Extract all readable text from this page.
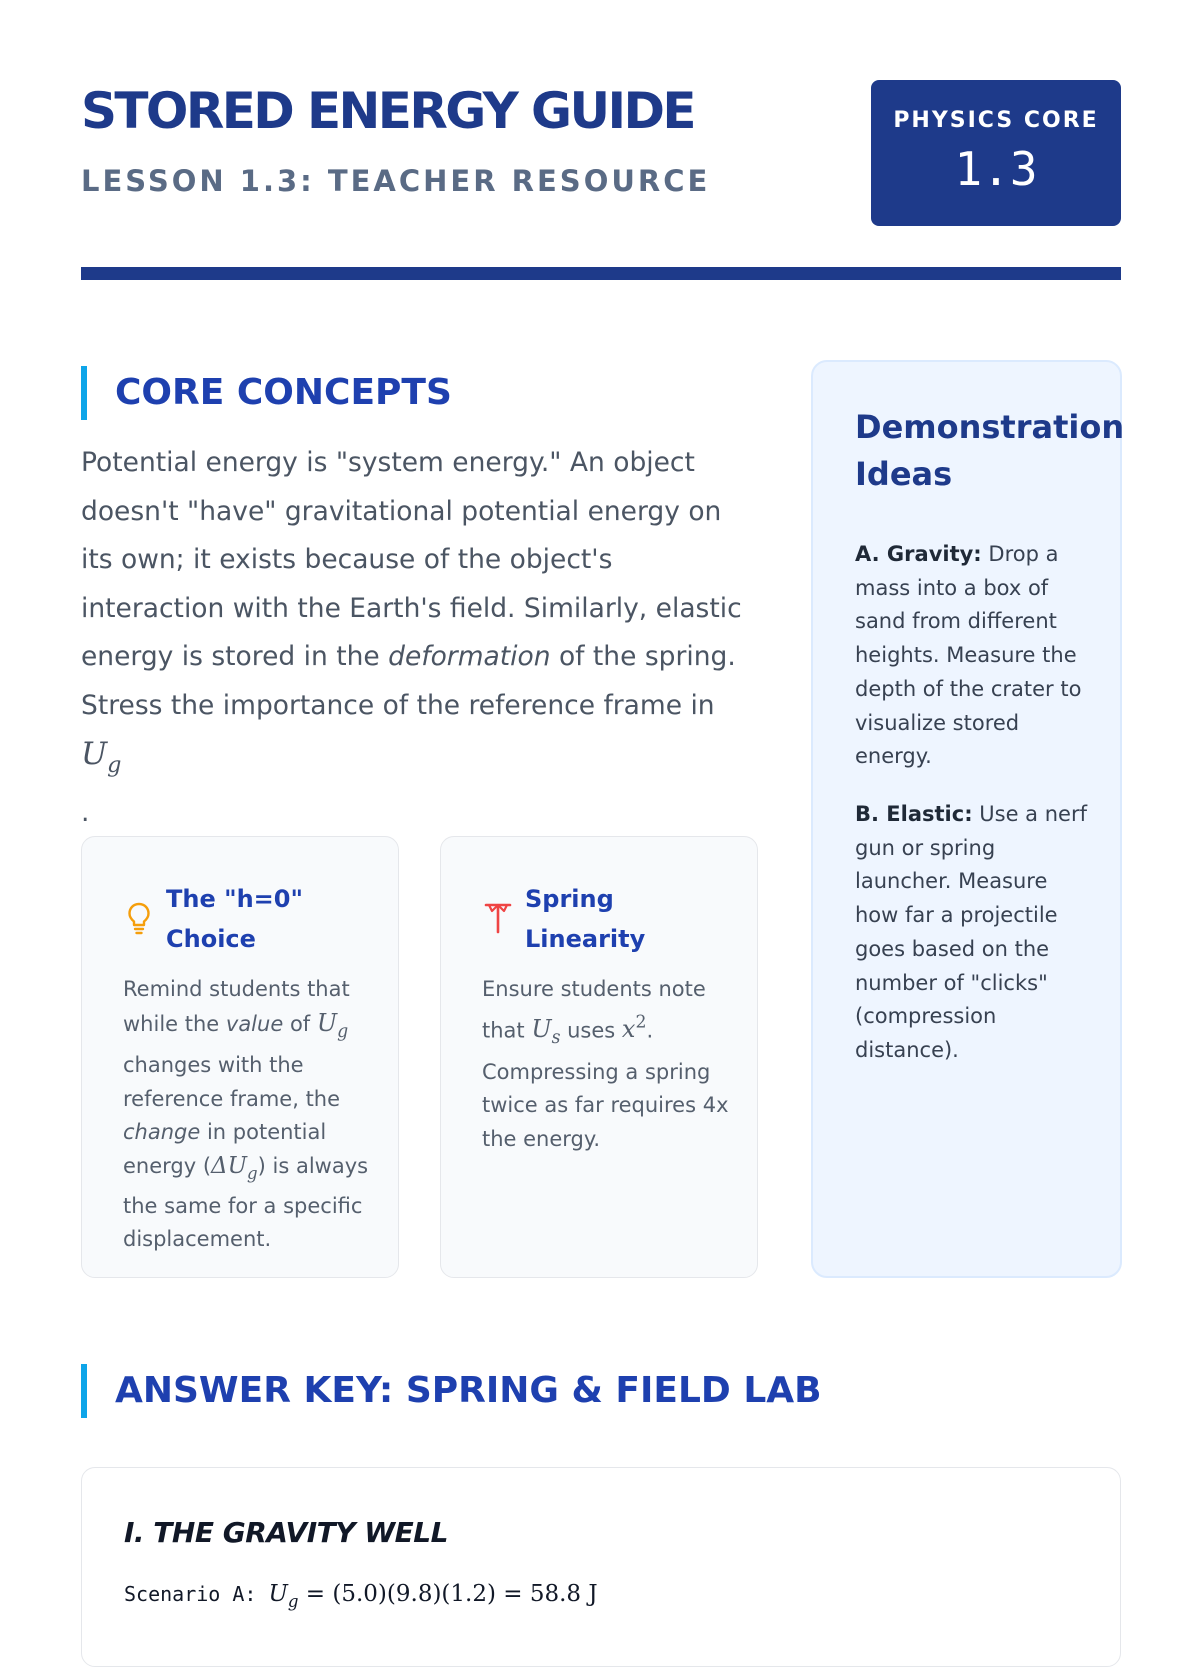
STORED ENERGY GUIDE
LESSON 1.3: TEACHER RESOURCE
PHYSICS CORE
1.3
CORE CONCEPTS
Potential energy is "system energy." An object doesn't "have" gravitational potential energy on its own; it exists because of the object's interaction with the Earth's field. Similarly, elastic energy is stored in the deformation of the spring. Stress the importance of the reference frame in $U_g$
.
The "h=0" Choice
Remind students that while the value of $U_g$ changes with the reference frame, the change in potential energy $(\Delta U_g)$ is always the same for a specific displacement.
Spring Linearity
Ensure students note that $U_s$ uses $x^2$. Compressing a spring twice as far requires 4x the energy.
Demonstration Ideas
A. Gravity: Drop a mass into a box of sand from different heights. Measure the depth of the crater to visualize stored energy.
B. Elastic: Use a nerf gun or spring launcher. Measure how far a projectile goes based on the number of "clicks" (compression distance).
ANSWER KEY: SPRING & FIELD LAB
I. THE GRAVITY WELL
Scenario A: $U_g = (5.0)(9.8)(1.2) = 58.8$ J
